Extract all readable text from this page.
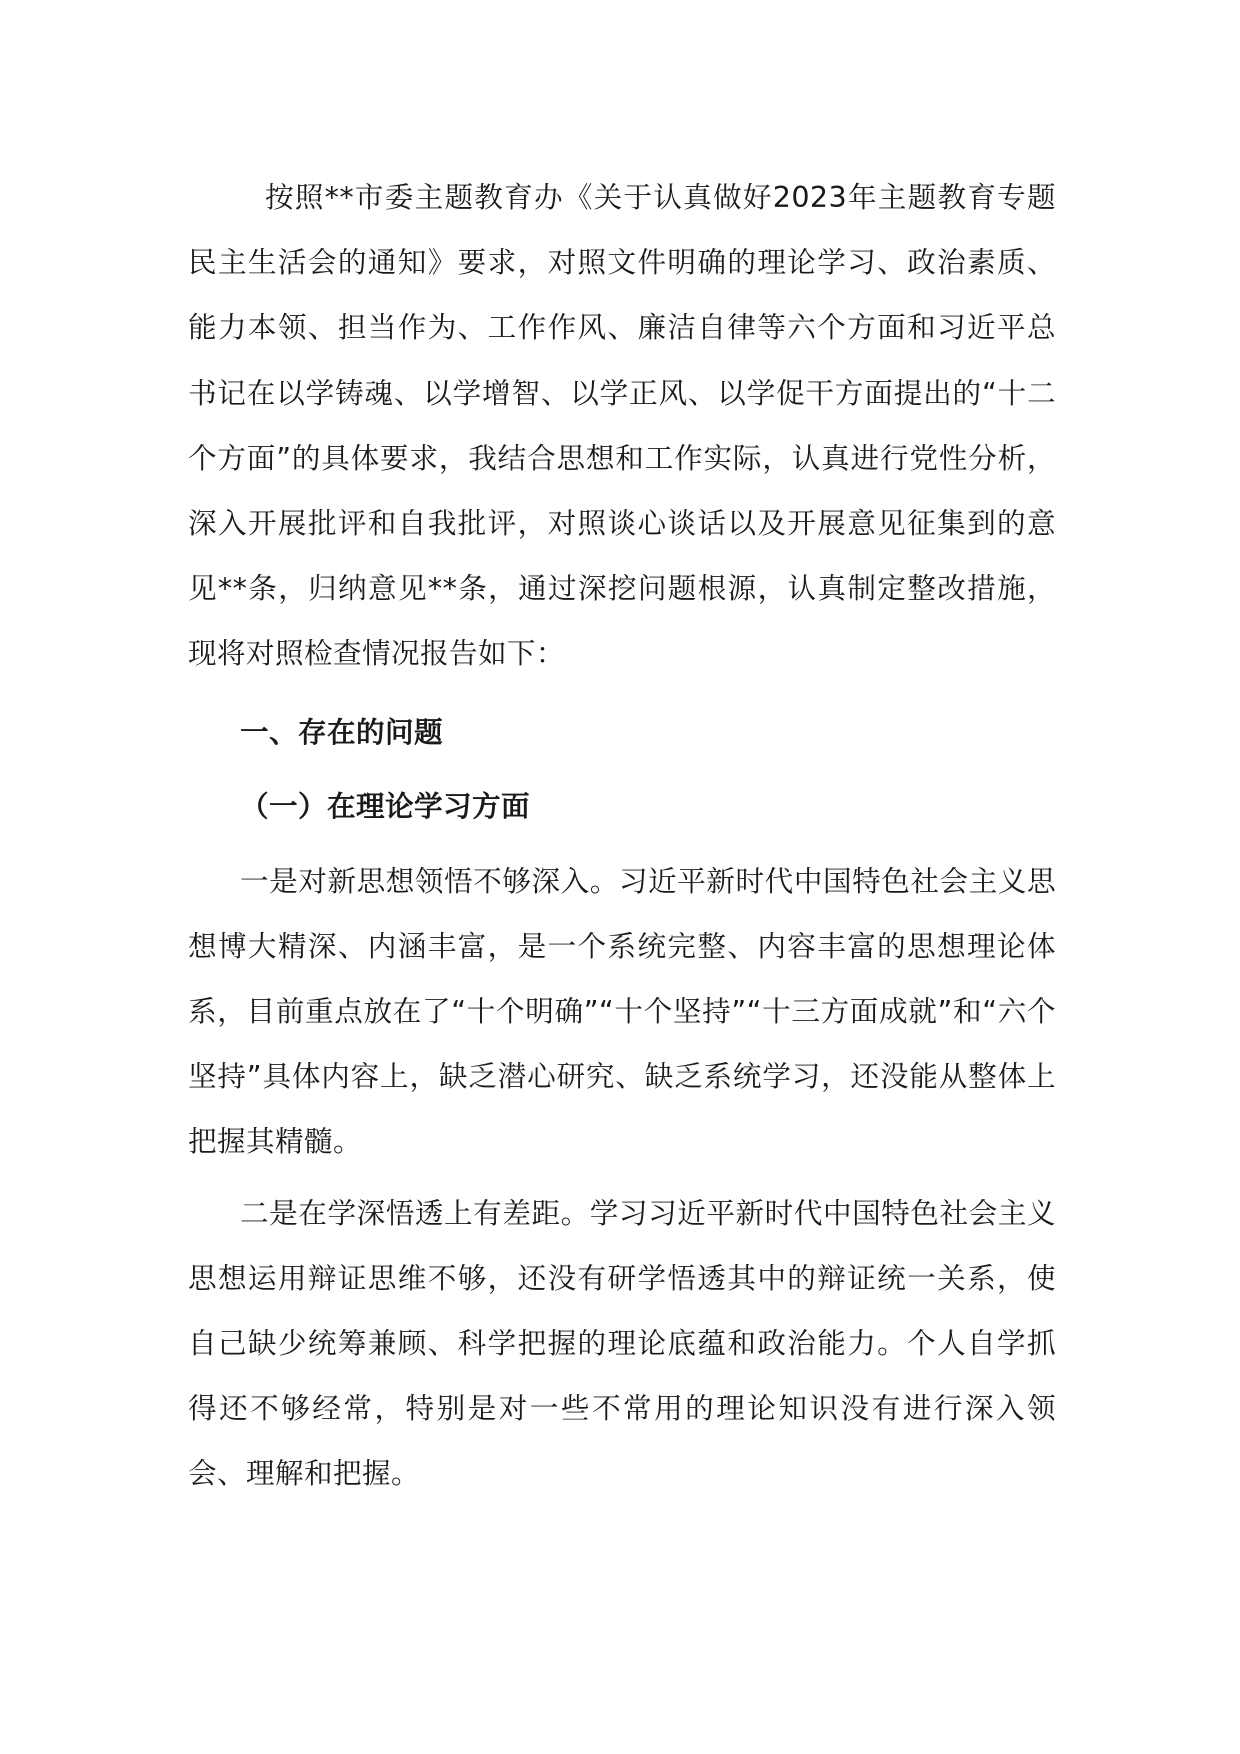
按照**市委主题教育办《关于认真做好2023年主题教育专题民主生活会的通知》要求，对照文件明确的理论学习、政治素质、能力本领、担当作为、工作作风、廉洁自律等六个方面和习近平总书记在以学铸魂、以学增智、以学正风、以学促干方面提出的“十二个方面”的具体要求，我结合思想和工作实际，认真进行党性分析，深入开展批评和自我批评，对照谈心谈话以及开展意见征集到的意见**条，归纳意见**条，通过深挖问题根源，认真制定整改措施，现将对照检查情况报告如下：

一、存在的问题
（一）在理论学习方面

一是对新思想领悟不够深入。习近平新时代中国特色社会主义思想博大精深、内涵丰富，是一个系统完整、内容丰富的思想理论体系，目前重点放在了“十个明确”“十个坚持”“十三方面成就”和“六个坚持”具体内容上，缺乏潜心研究、缺乏系统学习，还没能从整体上把握其精髓。

二是在学深悟透上有差距。学习习近平新时代中国特色社会主义思想运用辩证思维不够，还没有研学悟透其中的辩证统一关系，使自己缺少统筹兼顾、科学把握的理论底蕴和政治能力。个人自学抓得还不够经常，特别是对一些不常用的理论知识没有进行深入领会、理解和把握。
